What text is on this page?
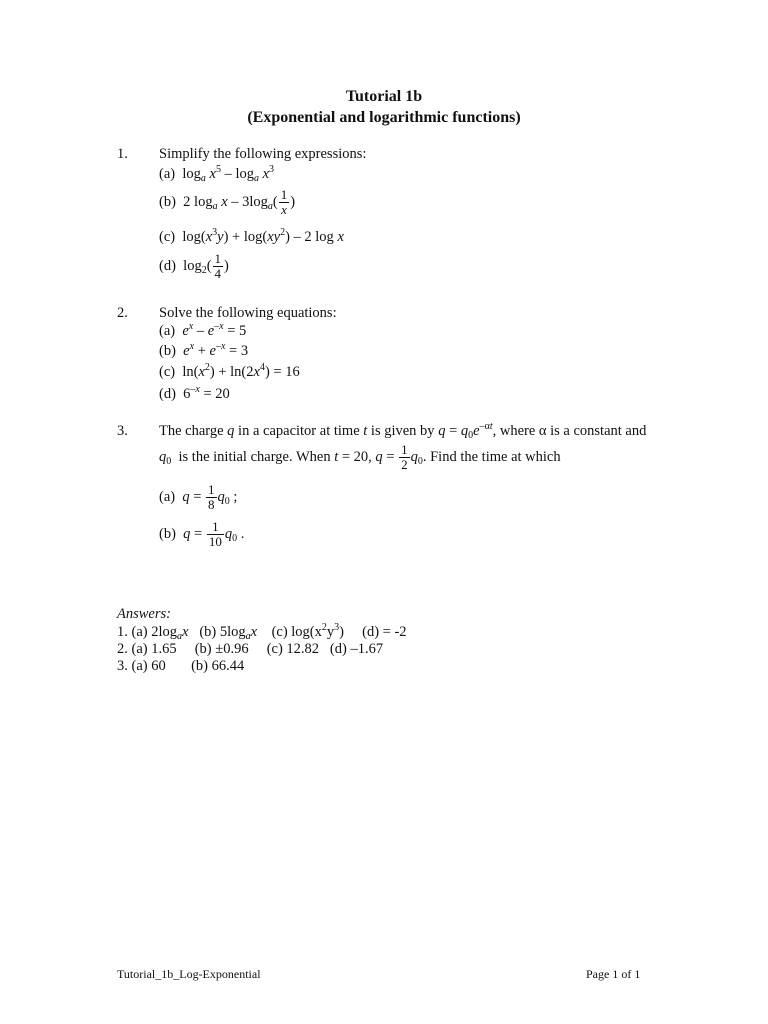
Tutorial 1b
(Exponential and logarithmic functions)
1. Simplify the following expressions:
(a)  $\log_a x^5 - \log_a x^3$
(b)  2 $\log_a x - 3\log_a( \frac{1}{x}$ )
(c)  $\log(x^3y) + \log(xy^2) - 2$ log x
(d)  $\log_2( \frac{1}{4}$ )
2. Solve the following equations:
(a) $e^x - e^{-x} = 5$
(b) $e^x + e^{-x} = 3$
(c)  $\ln(x^2) + \ln(2x^4) = 16$
(d)  $6^{-x} = 20$
3. The charge q in a capacitor at time t is given by $q = q_0e^{-\alpha t}$, where α is a constant and
$q_0$ is the initial charge. When t = 20, $q = \frac{1}{2} q_0$. Find the time at which
(a) $q = \frac{1}{8} q_0$ ;
(b) $q = \frac{1}{10} q_0$ .
Answers:
1. (a) $2\log_ax$ (b) $5\log_ax$ (c) $\log(x^2y^3)$     (d) = -2
2. (a) 1.65     (b) ±0.96     (c) 12.82   (d) –1.67
3. (a) 60       (b) 66.44
Tutorial_1b_Log-Exponential	Page 1 of 1
